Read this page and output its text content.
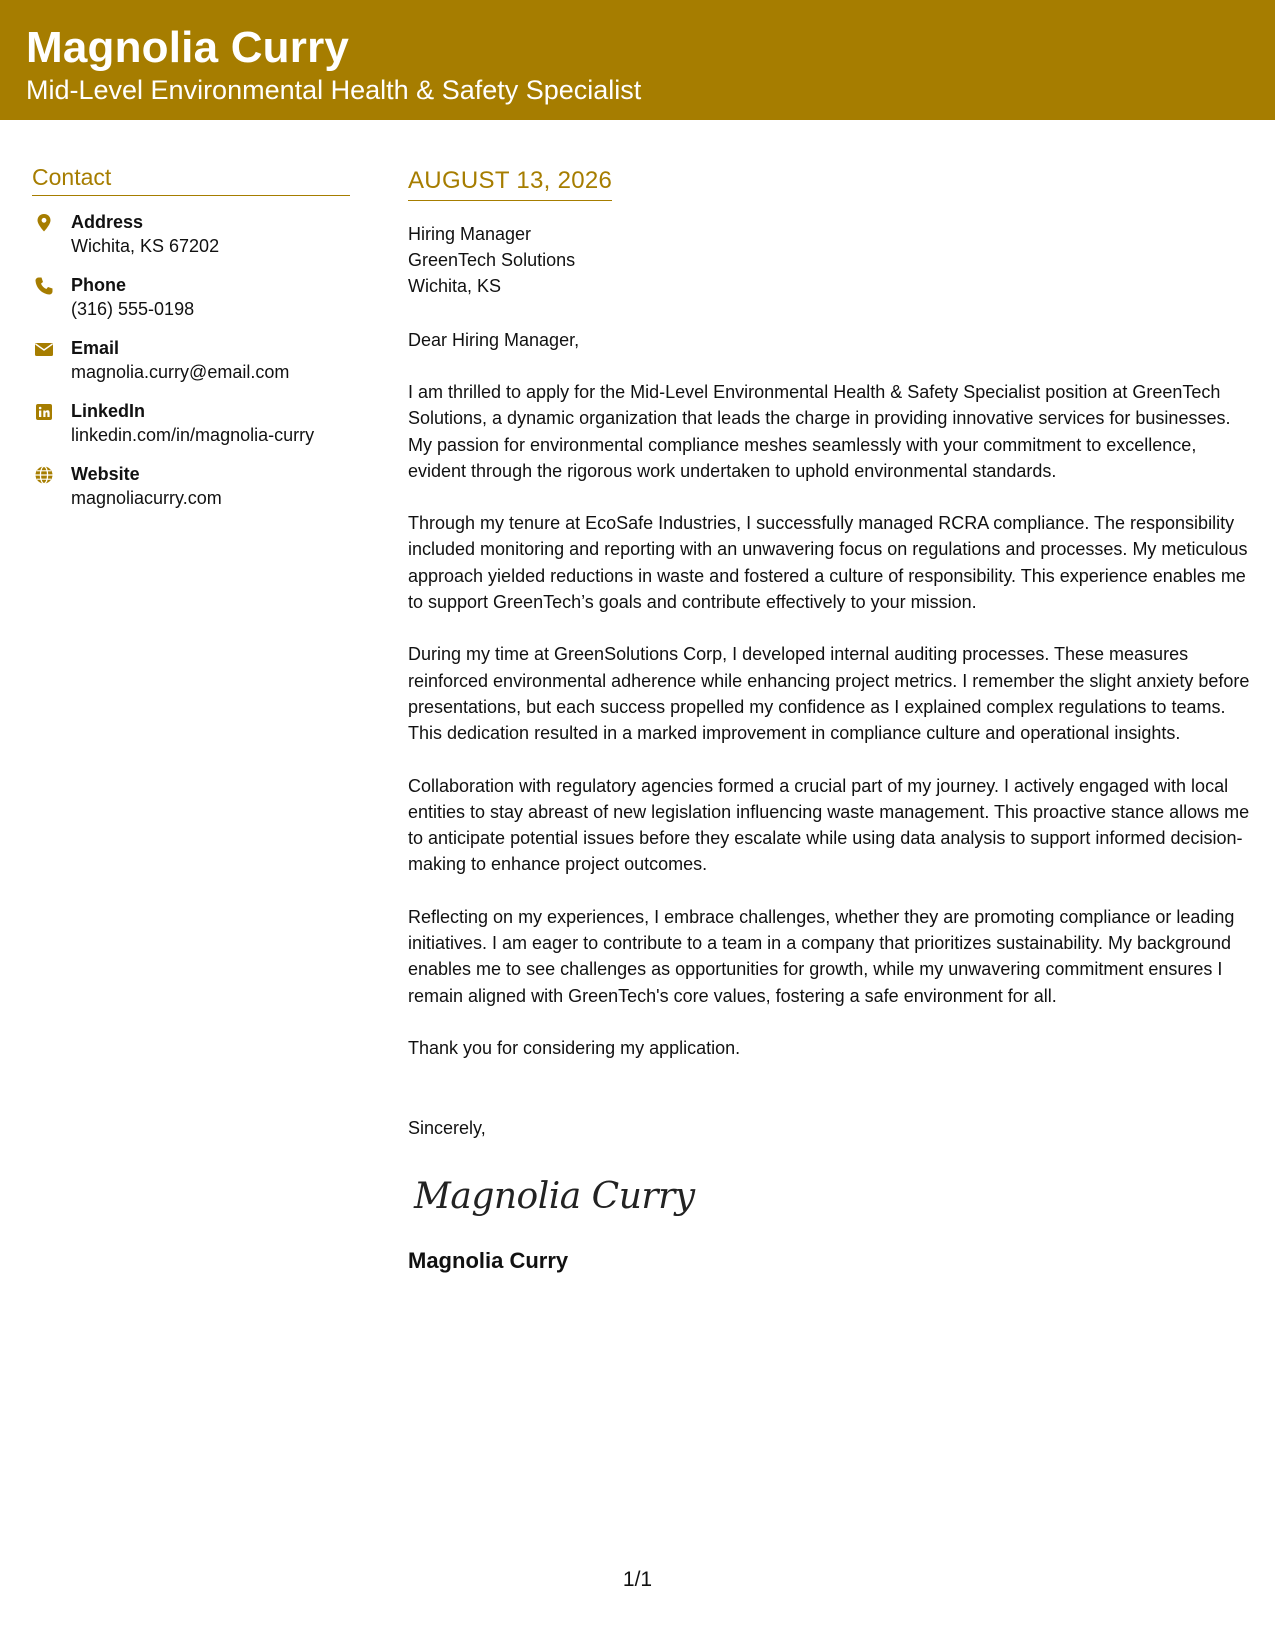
Magnolia Curry
Mid-Level Environmental Health & Safety Specialist
Contact
Address
Wichita, KS 67202
Phone
(316) 555-0198
Email
magnolia.curry@email.com
LinkedIn
linkedin.com/in/magnolia-curry
Website
magnoliacurry.com
AUGUST 13, 2026
Hiring Manager
GreenTech Solutions
Wichita, KS
Dear Hiring Manager,
I am thrilled to apply for the Mid-Level Environmental Health & Safety Specialist position at GreenTech Solutions, a dynamic organization that leads the charge in providing innovative services for businesses. My passion for environmental compliance meshes seamlessly with your commitment to excellence, evident through the rigorous work undertaken to uphold environmental standards.
Through my tenure at EcoSafe Industries, I successfully managed RCRA compliance. The responsibility included monitoring and reporting with an unwavering focus on regulations and processes. My meticulous approach yielded reductions in waste and fostered a culture of responsibility. This experience enables me to support GreenTech’s goals and contribute effectively to your mission.
During my time at GreenSolutions Corp, I developed internal auditing processes. These measures reinforced environmental adherence while enhancing project metrics. I remember the slight anxiety before presentations, but each success propelled my confidence as I explained complex regulations to teams. This dedication resulted in a marked improvement in compliance culture and operational insights.
Collaboration with regulatory agencies formed a crucial part of my journey. I actively engaged with local entities to stay abreast of new legislation influencing waste management. This proactive stance allows me to anticipate potential issues before they escalate while using data analysis to support informed decision-making to enhance project outcomes.
Reflecting on my experiences, I embrace challenges, whether they are promoting compliance or leading initiatives. I am eager to contribute to a team in a company that prioritizes sustainability. My background enables me to see challenges as opportunities for growth, while my unwavering commitment ensures I remain aligned with GreenTech's core values, fostering a safe environment for all.
Thank you for considering my application.
Sincerely,
Magnolia Curry
Magnolia Curry
1/1
